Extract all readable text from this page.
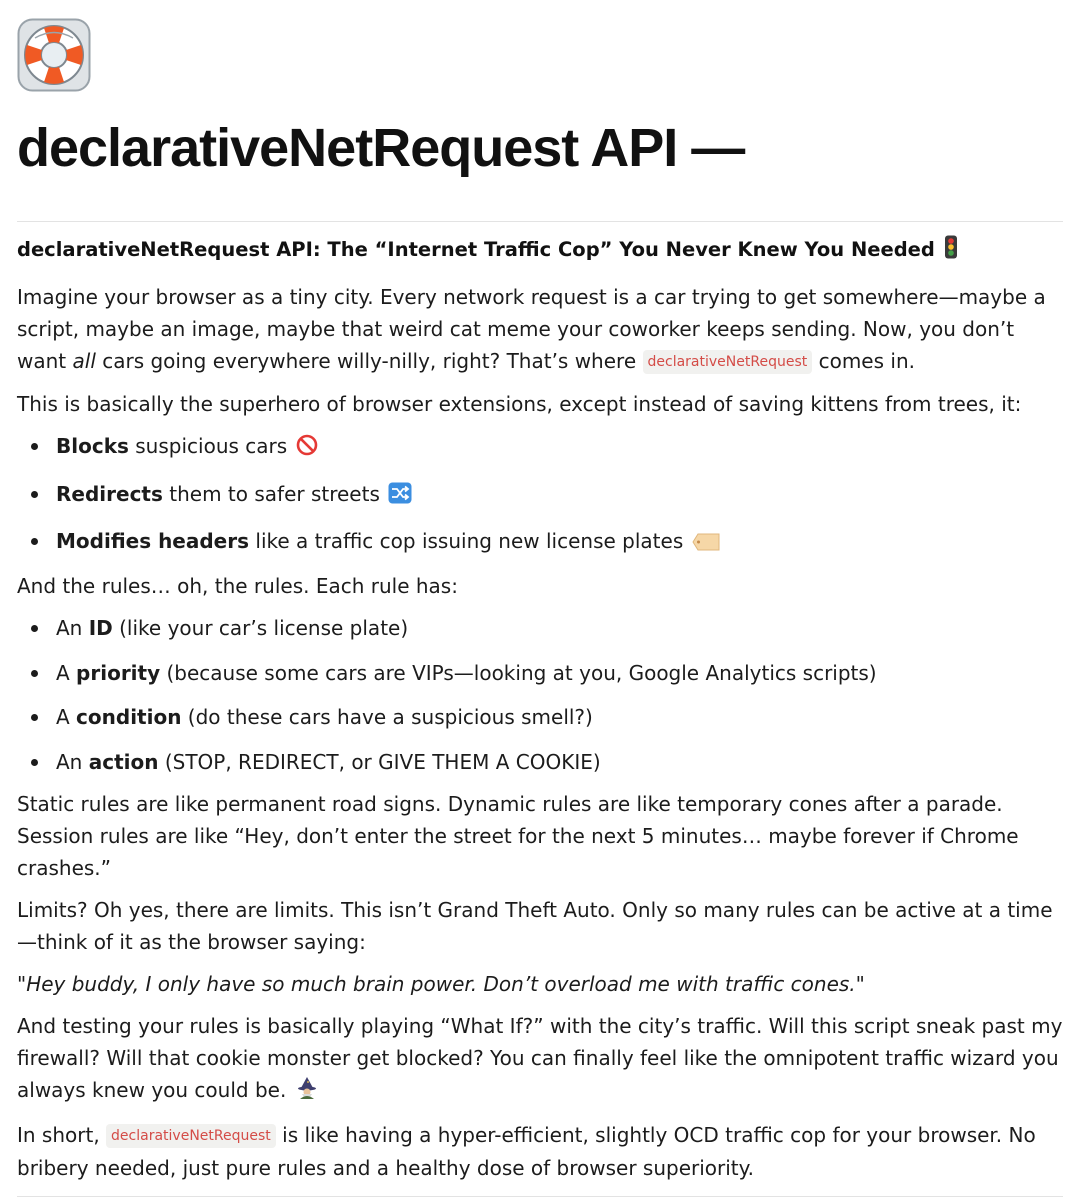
declarativeNetRequest API —
declarativeNetRequest API: The “Internet Traffic Cop” You Never Knew You Needed

Imagine your browser as a tiny city. Every network request is a car trying to get somewhere—maybe a script, maybe an image, maybe that weird cat meme your coworker keeps sending. Now, you don’t want all cars going everywhere willy-nilly, right? That’s where declarativeNetRequest comes in.

This is basically the superhero of browser extensions, except instead of saving kittens from trees, it:

Blocks suspicious cars
Redirects them to safer streets
Modifies headers like a traffic cop issuing new license plates

And the rules… oh, the rules. Each rule has:

An ID (like your car’s license plate)
A priority (because some cars are VIPs—looking at you, Google Analytics scripts)
A condition (do these cars have a suspicious smell?)
An action (STOP, REDIRECT, or GIVE THEM A COOKIE)

Static rules are like permanent road signs. Dynamic rules are like temporary cones after a parade. Session rules are like “Hey, don’t enter the street for the next 5 minutes… maybe forever if Chrome crashes.”

Limits? Oh yes, there are limits. This isn’t Grand Theft Auto. Only so many rules can be active at a time —think of it as the browser saying:

"Hey buddy, I only have so much brain power. Don’t overload me with traffic cones."

And testing your rules is basically playing “What If?” with the city’s traffic. Will this script sneak past my firewall? Will that cookie monster get blocked? You can finally feel like the omnipotent traffic wizard you always knew you could be.

In short, declarativeNetRequest is like having a hyper-efficient, slightly OCD traffic cop for your browser. No bribery needed, just pure rules and a healthy dose of browser superiority.
